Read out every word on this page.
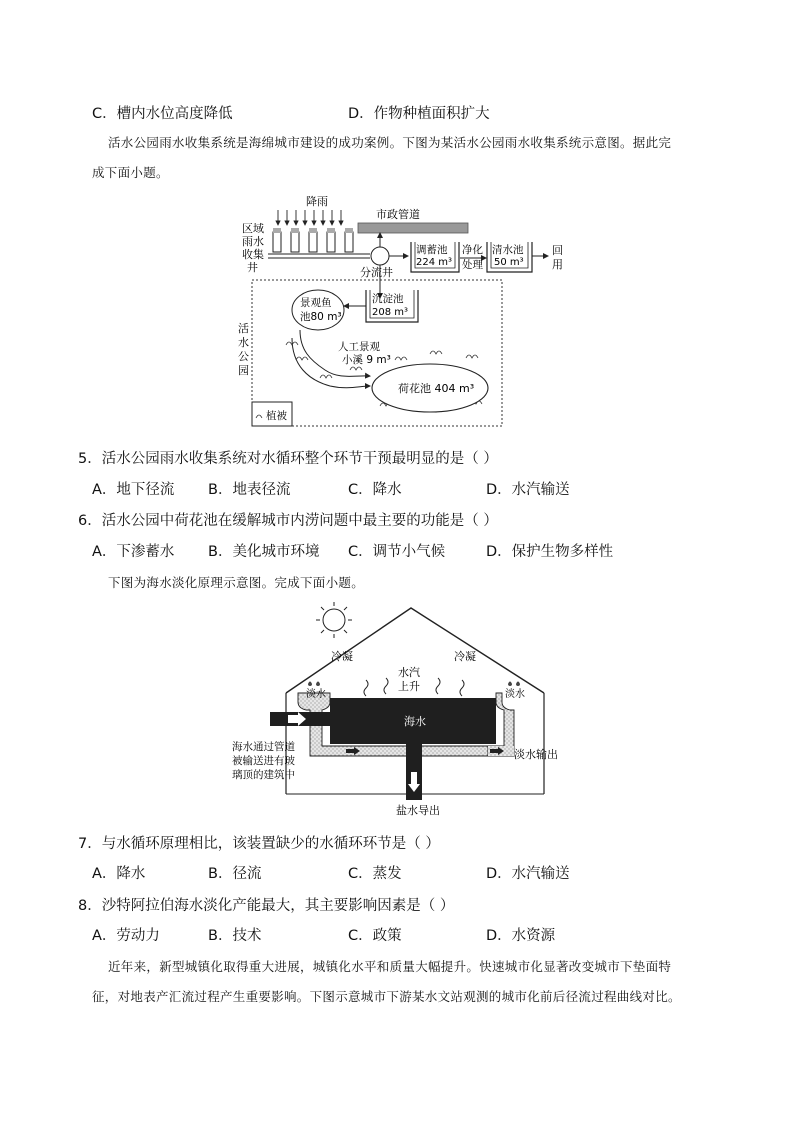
C．槽内水位高度降低	D．作物种植面积扩大
活水公园雨水收集系统是海绵城市建设的成功案例。下图为某活水公园雨水收集系统示意图。据此完
成下面小题。
降雨
区域
雨水
收集
井
市政管道
分流井
调蓄池
224 m³
净化
处理
清水池
50 m³
回
用
活
水
公
园
沉淀池
208 m³
景观鱼
池80 m³
人工景观
小溪 9 m³
荷花池 404 m³
植被
5．活水公园雨水收集系统对水循环整个环节干预最明显的是（ ）
A．地下径流 B．地表径流	C．降水	D．水汽输送
6．活水公园中荷花池在缓解城市内涝问题中最主要的功能是（ ）
A．下渗蓄水 B．美化城市环境 C．调节小气候	D．保护生物多样性
下图为海水淡化原理示意图。完成下面小题。
冷凝	冷凝
水汽
上升
淡水	淡水
海水
盐水导出
淡水输出
海水通过管道
被输送进有玻
璃顶的建筑中
7．与水循环原理相比，该装置缺少的水循环环节是（ ）
A．降水	B．径流	C．蒸发	D．水汽输送
8．沙特阿拉伯海水淡化产能最大，其主要影响因素是（ ）
A．劳动力	B．技术	C．政策	D．水资源
近年来，新型城镇化取得重大进展，城镇化水平和质量大幅提升。快速城市化显著改变城市下垫面特
征，对地表产汇流过程产生重要影响。下图示意城市下游某水文站观测的城市化前后径流过程曲线对比。
